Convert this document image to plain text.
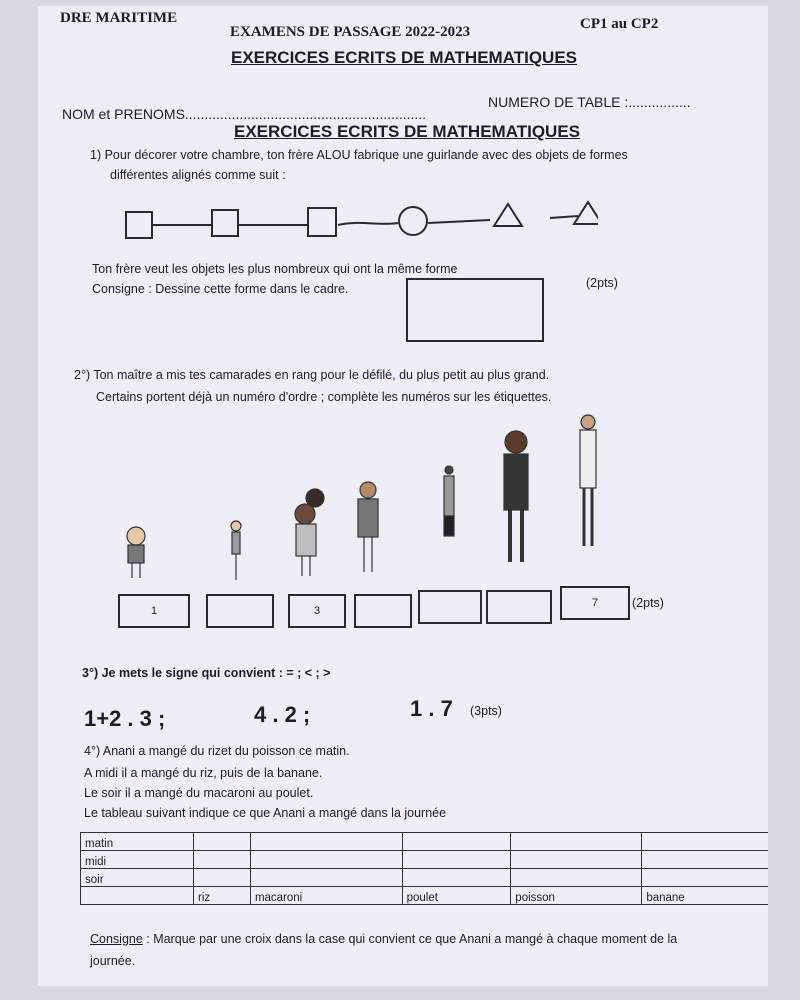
DRE MARITIME
EXAMENS DE PASSAGE 2022-2023	CP1 au CP2
EXERCICES ECRITS DE MATHEMATIQUES
NOM et PRENOMS..............................................................
NUMERO DE TABLE :................
EXERCICES ECRITS DE MATHEMATIQUES
1) Pour décorer votre chambre, ton frère ALOU fabrique une guirlande avec des objets de formes
différentes alignés comme suit :
Ton frère veut les objets les plus nombreux qui ont la même forme
Consigne : Dessine cette forme dans le cadre.	(2pts)
2°) Ton maître a mis tes camarades en rang pour le défilé, du plus petit au plus grand.
Certains portent déjà un numéro d'ordre ; complète les numéros sur les étiquettes.
1	3
7	(2pts)
3°) Je mets le signe qui convient : = ; < ; >
1+2 . 3 ;	4 . 2 ;	1 . 7 (3pts)
4°) Anani a mangé du rizet du poisson ce matin.
A midi il a mangé du riz, puis de la banane.
Le soir il a mangé du macaroni au poulet.
Le tableau suivant indique ce que Anani a mangé dans la journée
matin					
midi					
soir					
	riz	macaroni	poulet	poisson	banane
Consigne : Marque par une croix dans la case qui convient ce que Anani a mangé à chaque moment de la
journée.
